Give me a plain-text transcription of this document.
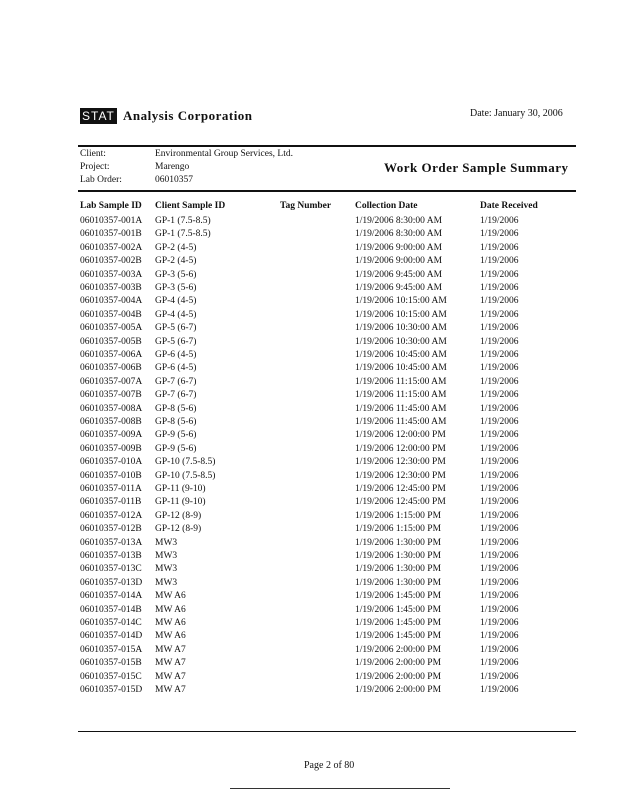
STAT Analysis Corporation	Date: January 30, 2006
Client:	Environmental Group Services, Ltd.
Project:	Marengo
Lab Order:	06010357
Work Order Sample Summary
Lab Sample ID Client Sample ID	Tag Number	Collection Date	Date Received
06010357-001A GP-1 (7.5-8.5)	1/19/2006 8:30:00 AM	1/19/2006
06010357-001B GP-1 (7.5-8.5)	1/19/2006 8:30:00 AM	1/19/2006
06010357-002A GP-2 (4-5)	1/19/2006 9:00:00 AM	1/19/2006
06010357-002B GP-2 (4-5)	1/19/2006 9:00:00 AM	1/19/2006
06010357-003A GP-3 (5-6)	1/19/2006 9:45:00 AM	1/19/2006
06010357-003B GP-3 (5-6)	1/19/2006 9:45:00 AM	1/19/2006
06010357-004A GP-4 (4-5)	1/19/2006 10:15:00 AM	1/19/2006
06010357-004B GP-4 (4-5)	1/19/2006 10:15:00 AM	1/19/2006
06010357-005A GP-5 (6-7)	1/19/2006 10:30:00 AM	1/19/2006
06010357-005B GP-5 (6-7)	1/19/2006 10:30:00 AM	1/19/2006
06010357-006A GP-6 (4-5)	1/19/2006 10:45:00 AM	1/19/2006
06010357-006B GP-6 (4-5)	1/19/2006 10:45:00 AM	1/19/2006
06010357-007A GP-7 (6-7)	1/19/2006 11:15:00 AM	1/19/2006
06010357-007B GP-7 (6-7)	1/19/2006 11:15:00 AM	1/19/2006
06010357-008A GP-8 (5-6)	1/19/2006 11:45:00 AM	1/19/2006
06010357-008B GP-8 (5-6)	1/19/2006 11:45:00 AM	1/19/2006
06010357-009A GP-9 (5-6)	1/19/2006 12:00:00 PM	1/19/2006
06010357-009B GP-9 (5-6)	1/19/2006 12:00:00 PM	1/19/2006
06010357-010A GP-10 (7.5-8.5)	1/19/2006 12:30:00 PM	1/19/2006
06010357-010B GP-10 (7.5-8.5)	1/19/2006 12:30:00 PM	1/19/2006
06010357-011A GP-11 (9-10)	1/19/2006 12:45:00 PM	1/19/2006
06010357-011B GP-11 (9-10)	1/19/2006 12:45:00 PM	1/19/2006
06010357-012A GP-12 (8-9)	1/19/2006 1:15:00 PM	1/19/2006
06010357-012B GP-12 (8-9)	1/19/2006 1:15:00 PM	1/19/2006
06010357-013A MW3	1/19/2006 1:30:00 PM	1/19/2006
06010357-013B MW3	1/19/2006 1:30:00 PM	1/19/2006
06010357-013C MW3	1/19/2006 1:30:00 PM	1/19/2006
06010357-013D MW3	1/19/2006 1:30:00 PM	1/19/2006
06010357-014A MW A6	1/19/2006 1:45:00 PM	1/19/2006
06010357-014B MW A6	1/19/2006 1:45:00 PM	1/19/2006
06010357-014C MW A6	1/19/2006 1:45:00 PM	1/19/2006
06010357-014D MW A6	1/19/2006 1:45:00 PM	1/19/2006
06010357-015A MW A7	1/19/2006 2:00:00 PM	1/19/2006
06010357-015B MW A7	1/19/2006 2:00:00 PM	1/19/2006
06010357-015C MW A7	1/19/2006 2:00:00 PM	1/19/2006
06010357-015D MW A7	1/19/2006 2:00:00 PM	1/19/2006
Page 2 of 80
